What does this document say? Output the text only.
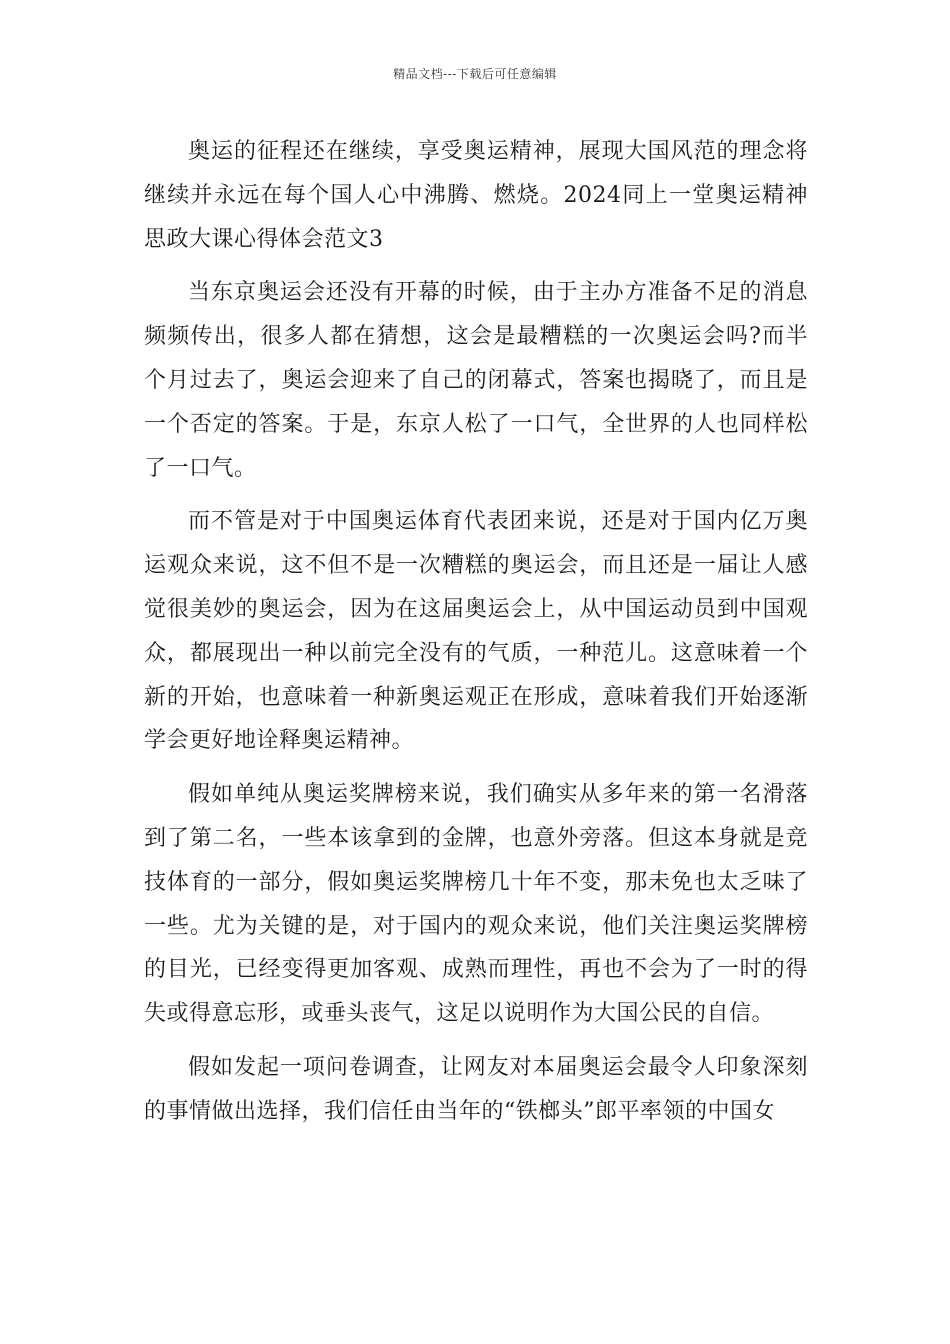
精品文档---下载后可任意编辑

奥运的征程还在继续，享受奥运精神，展现大国风范的理念将继续并永远在每个国人心中沸腾、燃烧。2024同上一堂奥运精神思政大课心得体会范文3

当东京奥运会还没有开幕的时候，由于主办方准备不足的消息频频传出，很多人都在猜想，这会是最糟糕的一次奥运会吗?而半个月过去了，奥运会迎来了自己的闭幕式，答案也揭晓了，而且是一个否定的答案。于是，东京人松了一口气，全世界的人也同样松了一口气。

而不管是对于中国奥运体育代表团来说，还是对于国内亿万奥运观众来说，这不但不是一次糟糕的奥运会，而且还是一届让人感觉很美妙的奥运会，因为在这届奥运会上，从中国运动员到中国观众，都展现出一种以前完全没有的气质，一种范儿。这意味着一个新的开始，也意味着一种新奥运观正在形成，意味着我们开始逐渐学会更好地诠释奥运精神。

假如单纯从奥运奖牌榜来说，我们确实从多年来的第一名滑落到了第二名，一些本该拿到的金牌，也意外旁落。但这本身就是竞技体育的一部分，假如奥运奖牌榜几十年不变，那未免也太乏味了一些。尤为关键的是，对于国内的观众来说，他们关注奥运奖牌榜的目光，已经变得更加客观、成熟而理性，再也不会为了一时的得失或得意忘形，或垂头丧气，这足以说明作为大国公民的自信。

假如发起一项问卷调查，让网友对本届奥运会最令人印象深刻的事情做出选择，我们信任由当年的“铁榔头”郎平率领的中国女
